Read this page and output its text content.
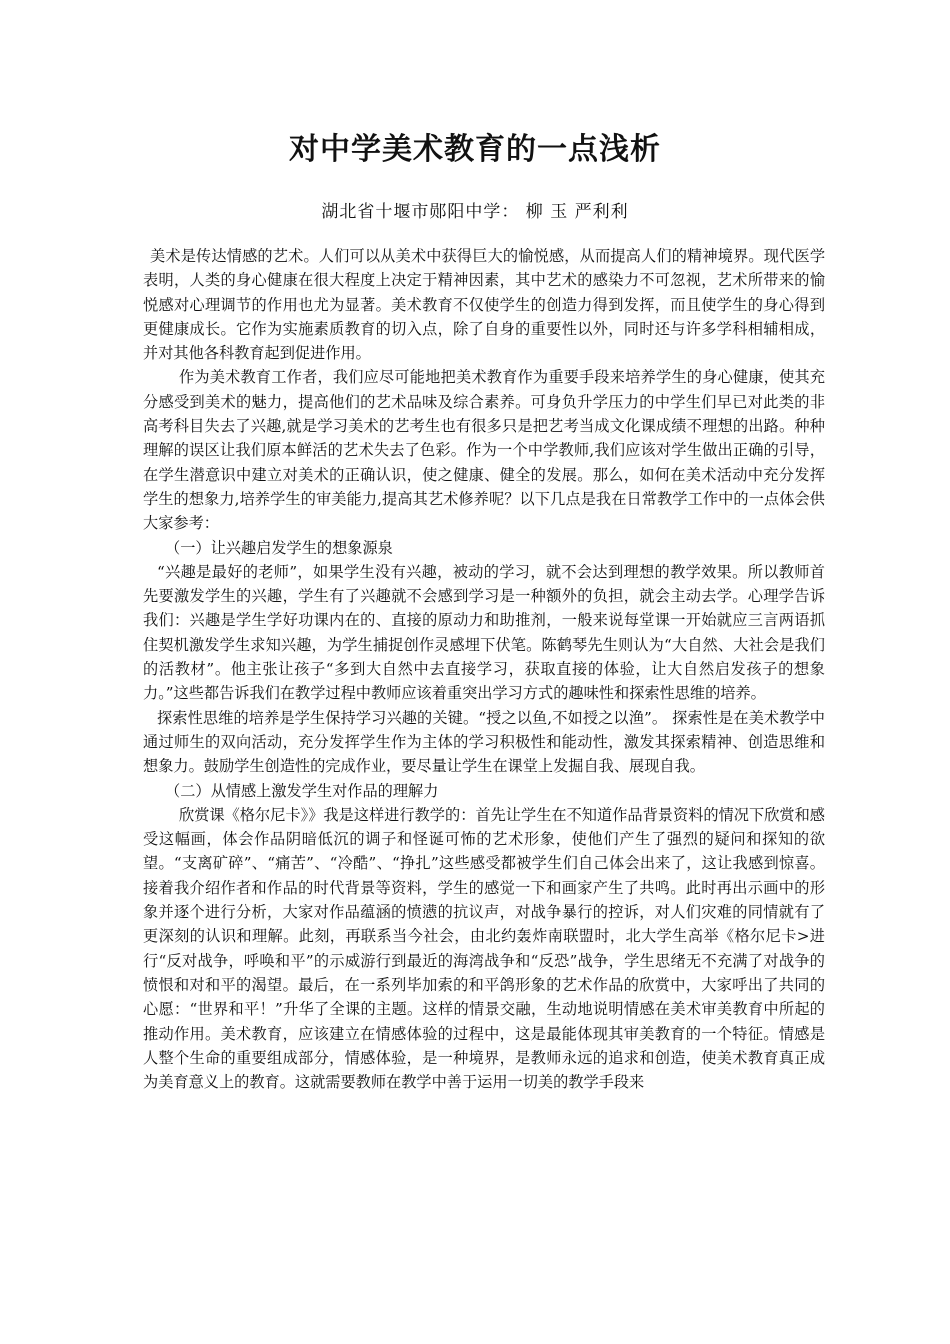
对中学美术教育的一点浅析

湖北省十堰市郧阳中学： 柳 玉 严利利

美术是传达情感的艺术。人们可以从美术中获得巨大的愉悦感，从而提高人们的精神境界。现代医学表明，人类的身心健康在很大程度上决定于精神因素，其中艺术的感染力不可忽视，艺术所带来的愉悦感对心理调节的作用也尤为显著。美术教育不仅使学生的创造力得到发挥，而且使学生的身心得到更健康成长。它作为实施素质教育的切入点，除了自身的重要性以外，同时还与许多学科相辅相成，并对其他各科教育起到促进作用。

作为美术教育工作者，我们应尽可能地把美术教育作为重要手段来培养学生的身心健康，使其充分感受到美术的魅力，提高他们的艺术品味及综合素养。可身负升学压力的中学生们早已对此类的非高考科目失去了兴趣,就是学习美术的艺考生也有很多只是把艺考当成文化课成绩不理想的出路。种种理解的误区让我们原本鲜活的艺术失去了色彩。作为一个中学教师,我们应该对学生做出正确的引导，在学生潜意识中建立对美术的正确认识，使之健康、健全的发展。那么，如何在美术活动中充分发挥学生的想象力,培养学生的审美能力,提高其艺术修养呢？以下几点是我在日常教学工作中的一点体会供大家参考：

（一）让兴趣启发学生的想象源泉

“兴趣是最好的老师”，如果学生没有兴趣，被动的学习，就不会达到理想的教学效果。所以教师首先要激发学生的兴趣，学生有了兴趣就不会感到学习是一种额外的负担，就会主动去学。心理学告诉我们：兴趣是学生学好功课内在的、直接的原动力和助推剂，一般来说每堂课一开始就应三言两语抓住契机激发学生求知兴趣，为学生捕捉创作灵感埋下伏笔。陈鹤琴先生则认为“大自然、大社会是我们的活教材”。他主张让孩子“多到大自然中去直接学习，获取直接的体验，让大自然启发孩子的想象力。”这些都告诉我们在教学过程中教师应该着重突出学习方式的趣味性和探索性思维的培养。

探索性思维的培养是学生保持学习兴趣的关键。“授之以鱼,不如授之以渔”。 探索性是在美术教学中通过师生的双向活动，充分发挥学生作为主体的学习积极性和能动性，激发其探索精神、创造思维和想象力。鼓励学生创造性的完成作业，要尽量让学生在课堂上发掘自我、展现自我。

（二）从情感上激发学生对作品的理解力

欣赏课《格尔尼卡》》我是这样进行教学的：首先让学生在不知道作品背景资料的情况下欣赏和感受这幅画，体会作品阴暗低沉的调子和怪诞可怖的艺术形象，使他们产生了强烈的疑问和探知的欲望。“支离矿碎”、“痛苦”、“冷酷”、“挣扎”这些感受都被学生们自己体会出来了，这让我感到惊喜。接着我介绍作者和作品的时代背景等资料，学生的感觉一下和画家产生了共鸣。此时再出示画中的形象并逐个进行分析，大家对作品蕴涵的愤懑的抗议声，对战争暴行的控诉，对人们灾难的同情就有了更深刻的认识和理解。此刻，再联系当今社会，由北约轰炸南联盟时，北大学生高举《格尔尼卡>进行“反对战争，呼唤和平”的示威游行到最近的海湾战争和“反恐”战争，学生思绪无不充满了对战争的愤恨和对和平的渴望。最后，在一系列毕加索的和平鸽形象的艺术作品的欣赏中，大家呼出了共同的心愿：“世界和平！”升华了全课的主题。这样的情景交融，生动地说明情感在美术审美教育中所起的推动作用。美术教育，应该建立在情感体验的过程中，这是最能体现其审美教育的一个特征。情感是人整个生命的重要组成部分，情感体验，是一种境界，是教师永远的追求和创造，使美术教育真正成为美育意义上的教育。这就需要教师在教学中善于运用一切美的教学手段来
